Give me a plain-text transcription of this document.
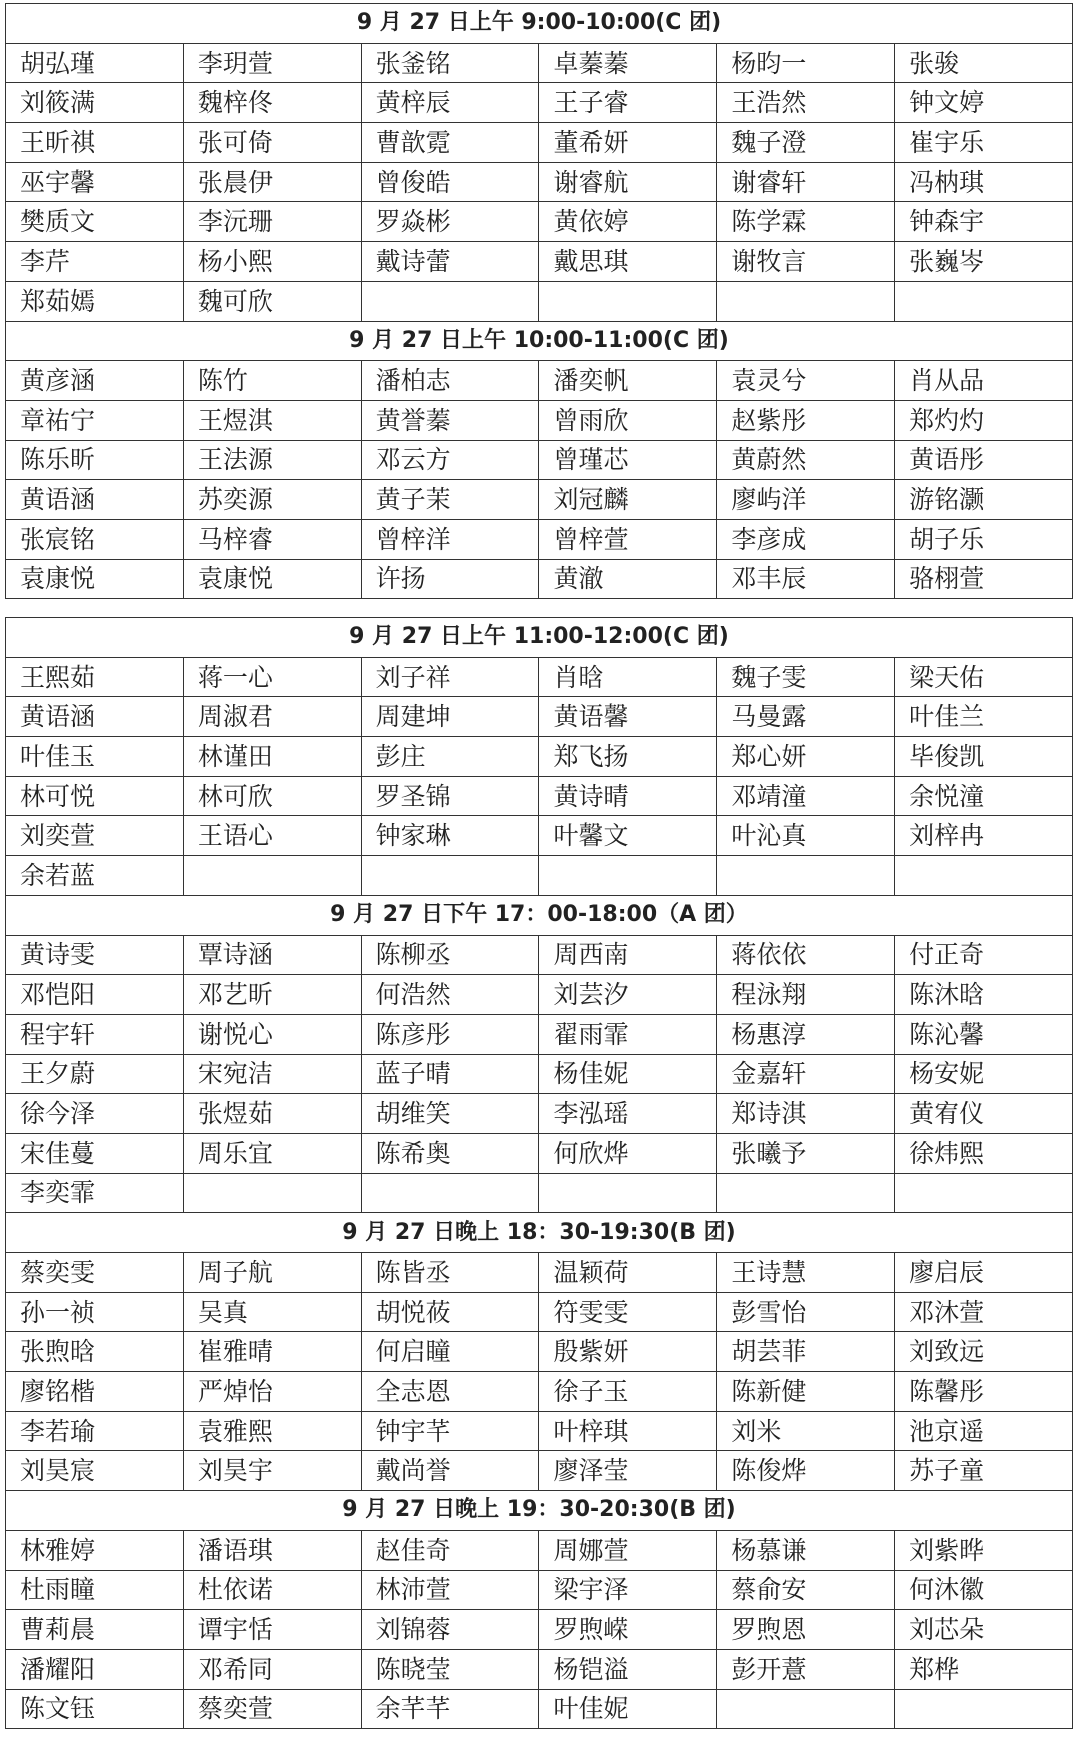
9 月 27 日上午 9:00-10:00(C 团)					
胡弘瑾	李玥萱	张釜铭	卓蓁蓁	杨昀一	张骏
刘筱满	魏梓佟	黄梓辰	王子睿	王浩然	钟文婷
王昕祺	张可倚	曹歆霓	董希妍	魏子澄	崔宇乐
巫宇馨	张晨伊	曾俊皓	谢睿航	谢睿轩	冯枘琪
樊质文	李沅珊	罗焱彬	黄依婷	陈学霖	钟森宇
李芹	杨小熙	戴诗蕾	戴思琪	谢牧言	张巍岑
郑茹嫣	魏可欣				
9 月 27 日上午 10:00-11:00(C 团)					
黄彦涵	陈竹	潘柏志	潘奕帆	袁灵兮	肖从品
章祐宁	王煜淇	黄誉蓁	曾雨欣	赵紫彤	郑灼灼
陈乐昕	王法源	邓云方	曾瑾芯	黄蔚然	黄语彤
黄语涵	苏奕源	黄子茉	刘冠麟	廖屿洋	游铭灏
张宸铭	马梓睿	曾梓洋	曾梓萱	李彦成	胡子乐
袁康悦	袁康悦	许扬	黄澈	邓丰辰	骆栩萱
9 月 27 日上午 11:00-12:00(C 团)					
王熙茹	蒋一心	刘子祥	肖晗	魏子雯	梁天佑
黄语涵	周淑君	周建坤	黄语馨	马曼露	叶佳兰
叶佳玉	林谨田	彭庄	郑飞扬	郑心妍	毕俊凯
林可悦	林可欣	罗圣锦	黄诗晴	邓靖潼	余悦潼
刘奕萱	王语心	钟家琳	叶馨文	叶沁真	刘梓冉
余若蓝					
9 月 27 日下午 17：00-18:00（A 团）					
黄诗雯	覃诗涵	陈柳丞	周西南	蒋依依	付正奇
邓恺阳	邓艺昕	何浩然	刘芸汐	程泳翔	陈沐晗
程宇轩	谢悦心	陈彦彤	翟雨霏	杨惠淳	陈沁馨
王夕蔚	宋宛洁	蓝子晴	杨佳妮	金嘉轩	杨安妮
徐今泽	张煜茹	胡维笑	李泓瑶	郑诗淇	黄宥仪
宋佳蔓	周乐宜	陈希奥	何欣烨	张曦予	徐炜熙
李奕霏					
9 月 27 日晚上 18：30-19:30(B 团)					
蔡奕雯	周子航	陈皆丞	温颖荷	王诗慧	廖启辰
孙一祯	吴真	胡悦莜	符雯雯	彭雪怡	邓沐萱
张煦晗	崔雅晴	何启瞳	殷紫妍	胡芸菲	刘致远
廖铭楷	严焯怡	全志恩	徐子玉	陈新健	陈馨彤
李若瑜	袁雅熙	钟宇芊	叶梓琪	刘米	池京遥
刘昊宸	刘昊宇	戴尚誉	廖泽莹	陈俊烨	苏子童
9 月 27 日晚上 19：30-20:30(B 团)					
林雅婷	潘语琪	赵佳奇	周娜萱	杨慕谦	刘紫晔
杜雨瞳	杜依诺	林沛萱	梁宇泽	蔡俞安	何沐徽
曹莉晨	谭宇恬	刘锦蓉	罗煦嵘	罗煦恩	刘芯朵
潘耀阳	邓希同	陈晓莹	杨铠溢	彭开薏	郑桦
陈文钰	蔡奕萱	余芊芊	叶佳妮		
